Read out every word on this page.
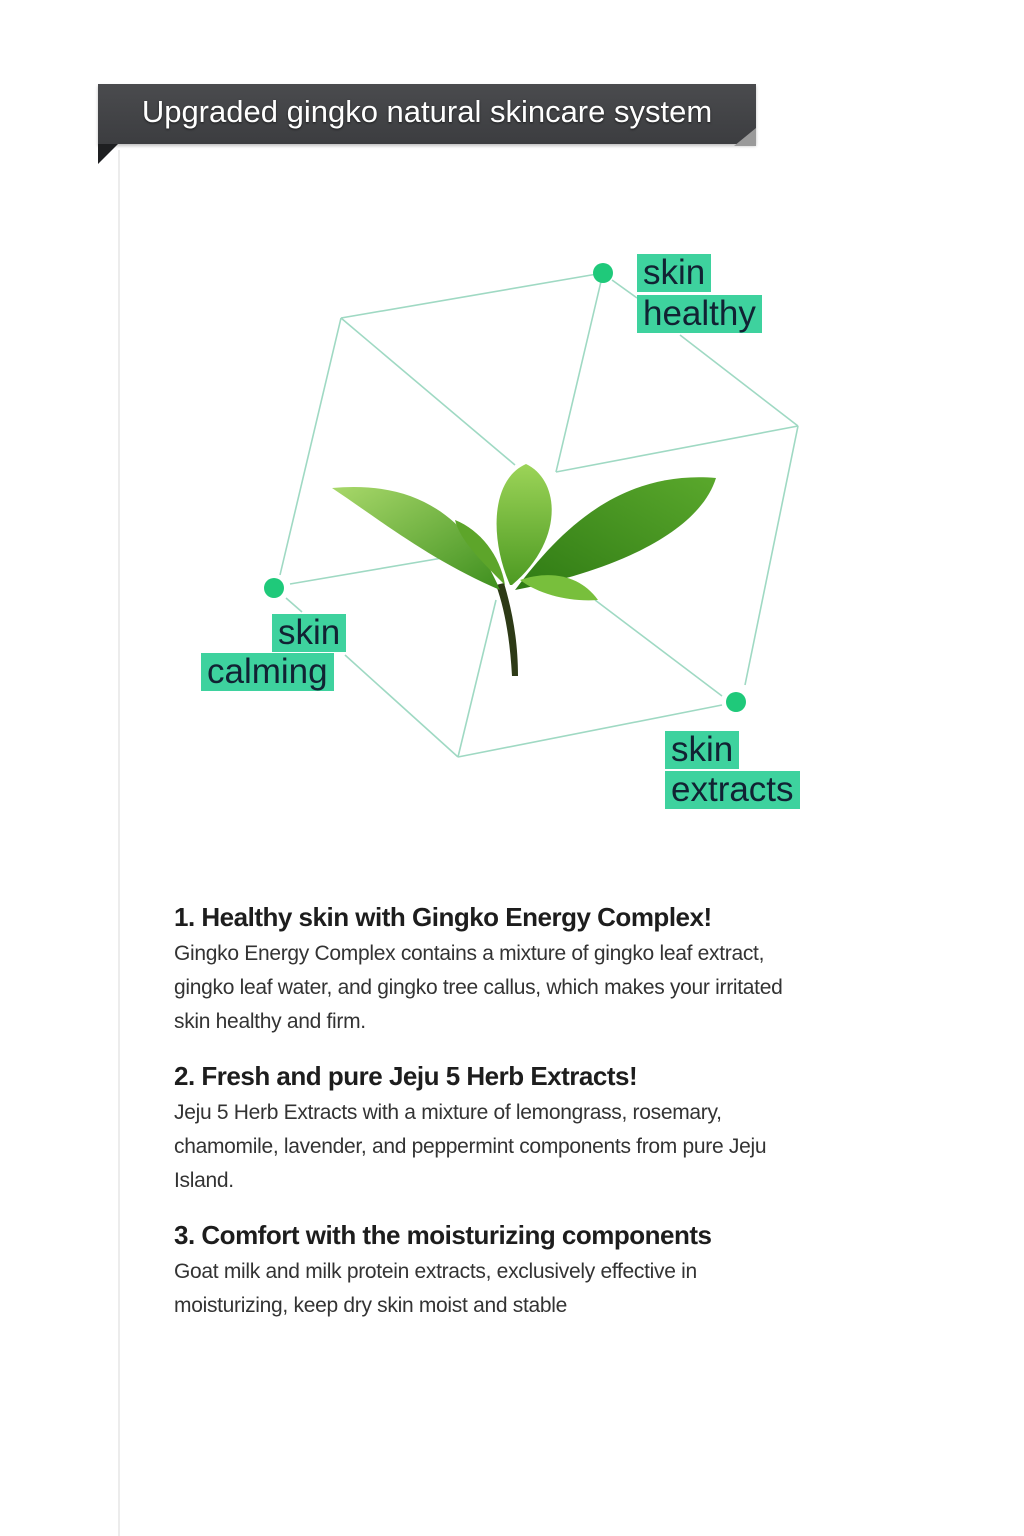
Upgraded gingko natural skincare system
skin
healthy
skin
calming
skin
extracts
1. Healthy skin with Gingko Energy Complex!

Gingko Energy Complex contains a mixture of gingko leaf extract, gingko leaf water, and gingko tree callus, which makes your irritated skin healthy and firm.

2. Fresh and pure Jeju 5 Herb Extracts!

Jeju 5 Herb Extracts with a mixture of lemongrass, rosemary, chamomile, lavender, and peppermint components from pure Jeju Island.

3. Comfort with the moisturizing components

Goat milk and milk protein extracts, exclusively effective in moisturizing, keep dry skin moist and stable
